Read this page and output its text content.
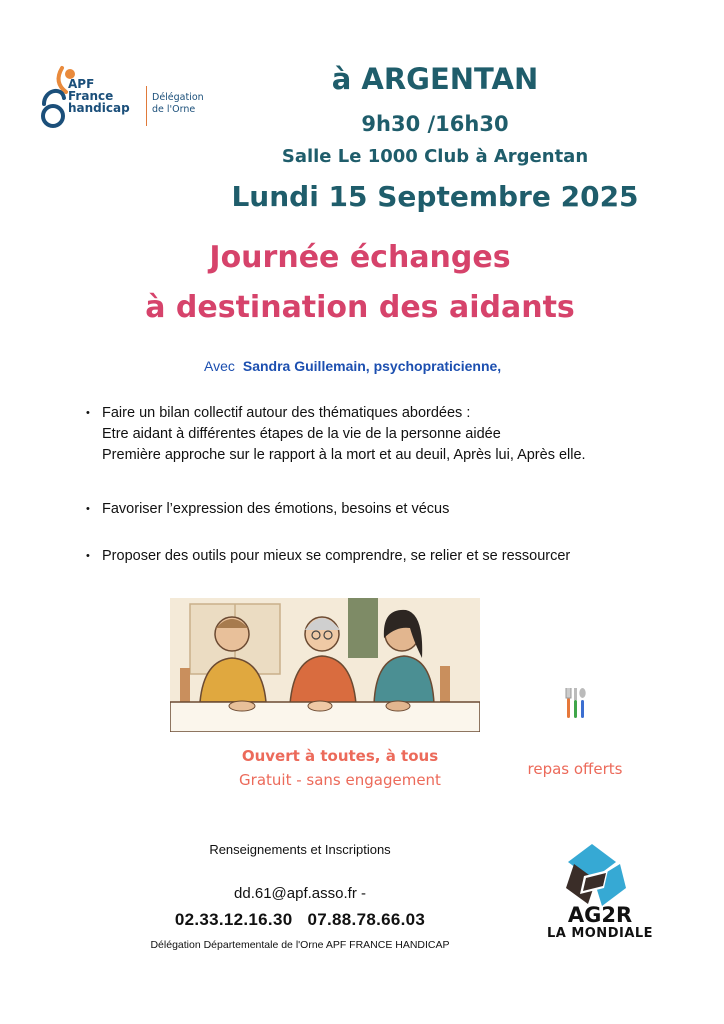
APF
France
handicap
Délégation
de l'Orne
à ARGENTAN
9h30 /16h30
Salle Le 1000 Club à Argentan
Lundi 15 Septembre 2025
Journée échanges
à destination des aidants
Avec Sandra Guillemain, psychopraticienne,
Faire un bilan collectif autour des thématiques abordées :
Etre aidant à différentes étapes de la vie de la personne aidée
Première approche sur le rapport à la mort et au deuil, Après lui, Après elle.
Favoriser l’expression des émotions, besoins et vécus
Proposer des outils pour mieux se comprendre, se relier et se ressourcer
Ouvert à toutes, à tous
Gratuit - sans engagement
repas offerts
Renseignements et Inscriptions
dd.61@apf.asso.fr -
02.33.12.16.30   07.88.78.66.03
Délégation Départementale de l'Orne APF FRANCE HANDICAP
AG2R
LA MONDIALE
